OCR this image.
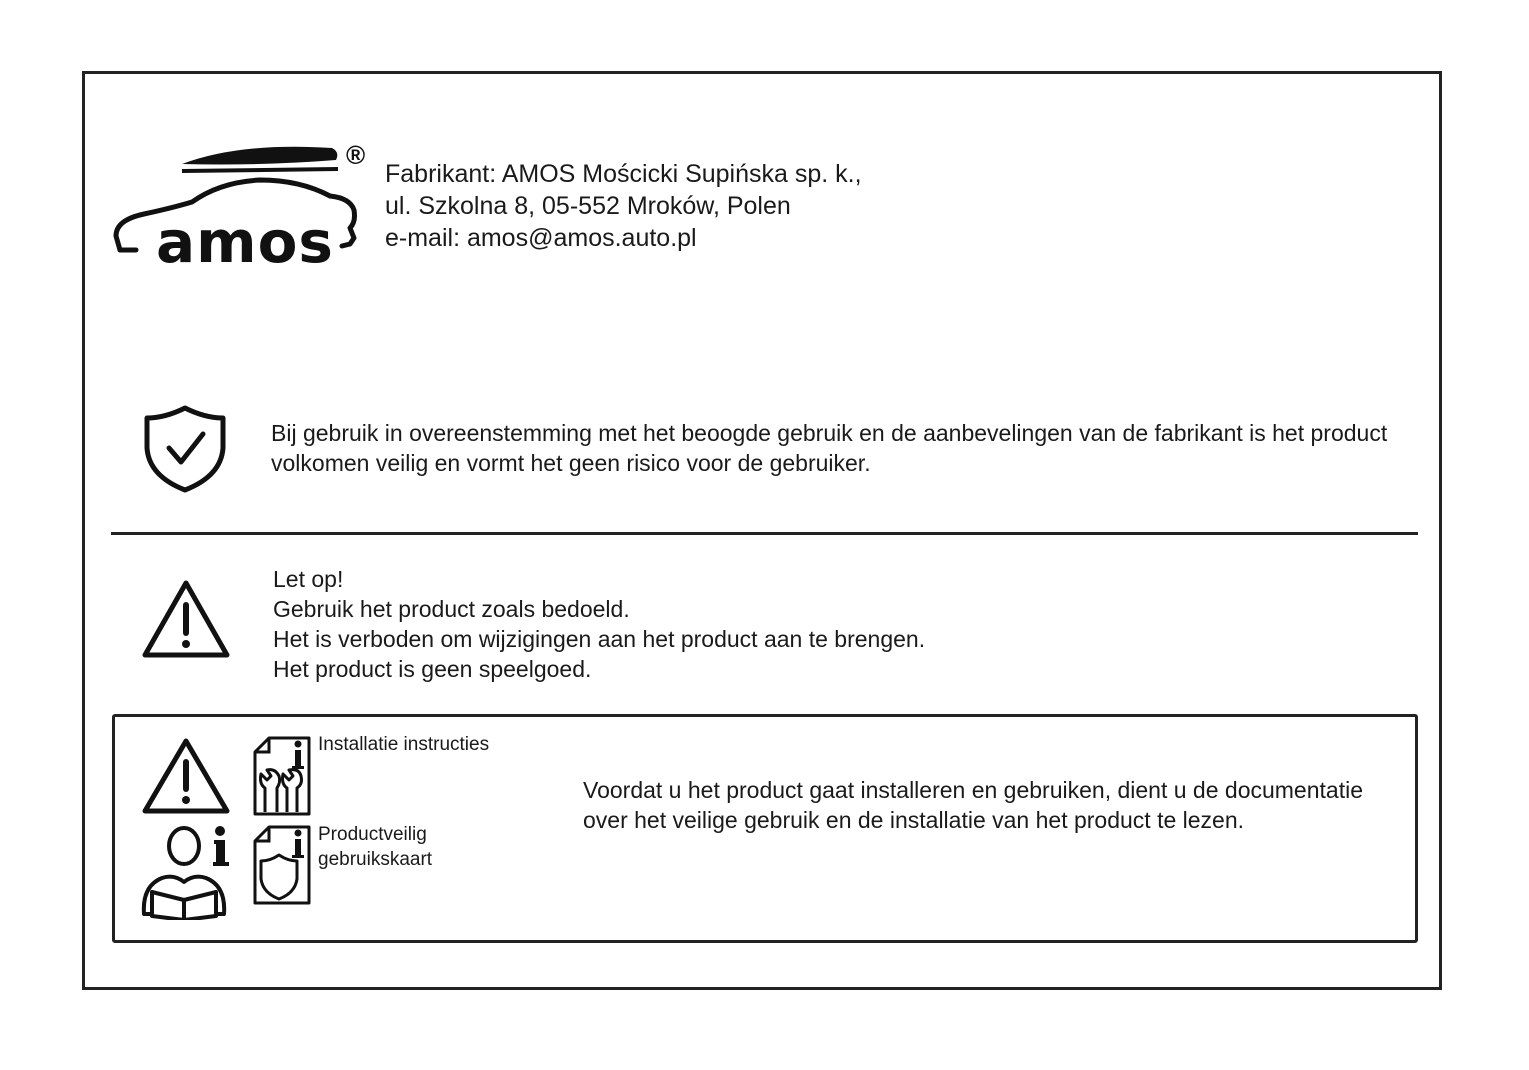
®
amos
Fabrikant: AMOS Mościcki Supińska sp. k.,
ul. Szkolna 8, 05-552 Mroków, Polen
e-mail: amos@amos.auto.pl
Bij gebruik in overeenstemming met het beoogde gebruik en de aanbevelingen van de fabrikant is het product volkomen veilig en vormt het geen risico voor de gebruiker.
Let op!
Gebruik het product zoals bedoeld.
Het is verboden om wijzigingen aan het product aan te brengen.
Het product is geen speelgoed.
Installatie instructies
Productveilig gebruikskaart
Voordat u het product gaat installeren en gebruiken, dient u de documentatie over het veilige gebruik en de installatie van het product te lezen.
